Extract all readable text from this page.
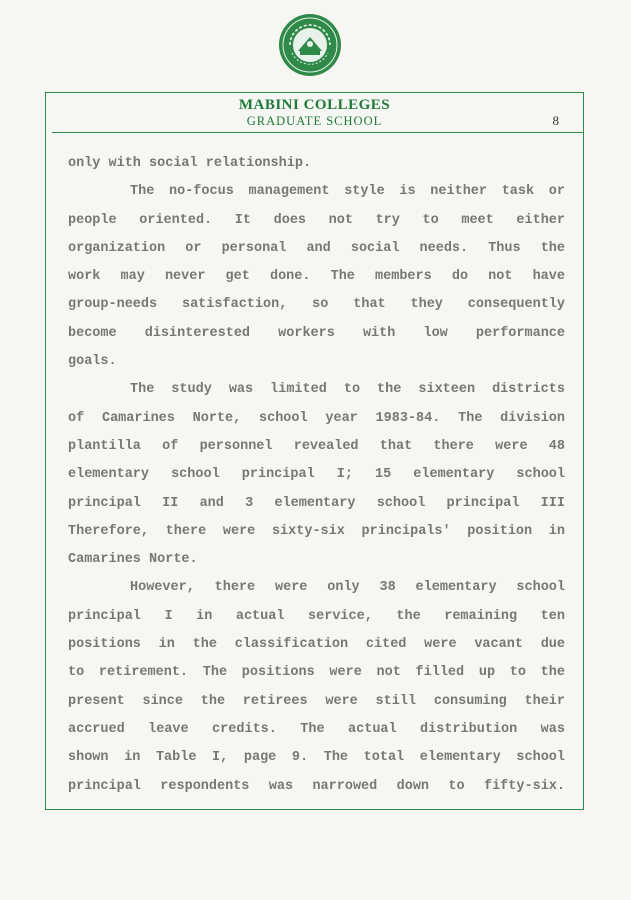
MABINI COLLEGES
GRADUATE SCHOOL	8
only with social relationship.
The no-focus management style is neither task or
people oriented. It does not try to meet either
organization or personal and social needs. Thus the
work may never get done. The members do not have
group-needs satisfaction, so that they consequently
become disinterested workers with low performance
goals.
The study was limited to the sixteen districts
of Camarines Norte, school year 1983-84. The division
plantilla of personnel revealed that there were 48
elementary school principal I; 15 elementary school
principal II and 3 elementary school principal III
Therefore, there were sixty-six principals' position in
Camarines Norte.
However, there were only 38 elementary school
principal I in actual service, the remaining ten
positions in the classification cited were vacant due
to retirement. The positions were not filled up to the
present since the retirees were still consuming their
accrued leave credits. The actual distribution was
shown in Table I, page 9. The total elementary school
principal respondents was narrowed down to fifty-six.
